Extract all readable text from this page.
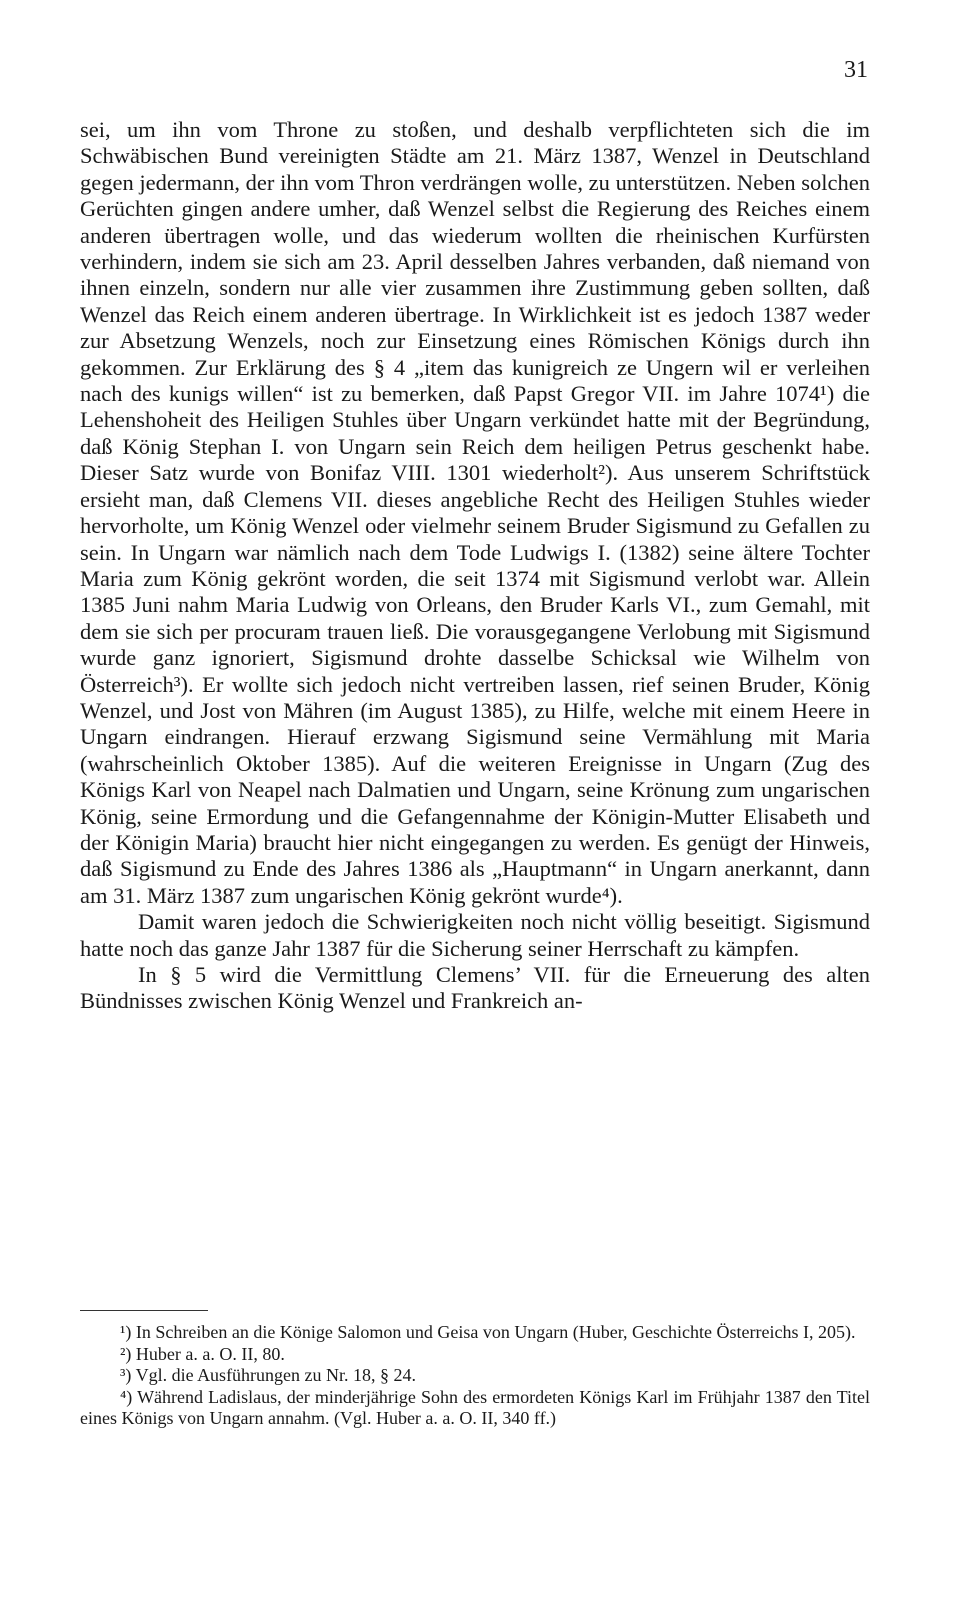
31

sei, um ihn vom Throne zu stoßen, und deshalb verpflichteten sich die im Schwäbischen Bund vereinigten Städte am 21. März 1387, Wenzel in Deutschland gegen jedermann, der ihn vom Thron verdrängen wolle, zu unterstützen. Neben solchen Gerüchten gingen andere umher, daß Wenzel selbst die Regierung des Reiches einem anderen übertragen wolle, und das wiederum wollten die rheinischen Kurfürsten verhindern, indem sie sich am 23. April desselben Jahres verbanden, daß niemand von ihnen einzeln, sondern nur alle vier zusammen ihre Zustimmung geben sollten, daß Wenzel das Reich einem anderen übertrage. In Wirklichkeit ist es jedoch 1387 weder zur Absetzung Wenzels, noch zur Einsetzung eines Römischen Königs durch ihn gekommen. Zur Erklärung des § 4 „item das kunigreich ze Ungern wil er verleihen nach des kunigs willen“ ist zu bemerken, daß Papst Gregor VII. im Jahre 1074¹) die Lehenshoheit des Heiligen Stuhles über Ungarn verkündet hatte mit der Begründung, daß König Stephan I. von Ungarn sein Reich dem heiligen Petrus geschenkt habe. Dieser Satz wurde von Bonifaz VIII. 1301 wiederholt²). Aus unserem Schriftstück ersieht man, daß Clemens VII. dieses angebliche Recht des Heiligen Stuhles wieder hervorholte, um König Wenzel oder vielmehr seinem Bruder Sigismund zu Gefallen zu sein. In Ungarn war nämlich nach dem Tode Ludwigs I. (1382) seine ältere Tochter Maria zum König gekrönt worden, die seit 1374 mit Sigismund verlobt war. Allein 1385 Juni nahm Maria Ludwig von Orleans, den Bruder Karls VI., zum Gemahl, mit dem sie sich per procuram trauen ließ. Die vorausgegangene Verlobung mit Sigismund wurde ganz ignoriert, Sigismund drohte dasselbe Schicksal wie Wilhelm von Österreich³). Er wollte sich jedoch nicht vertreiben lassen, rief seinen Bruder, König Wenzel, und Jost von Mähren (im August 1385), zu Hilfe, welche mit einem Heere in Ungarn eindrangen. Hierauf erzwang Sigismund seine Vermählung mit Maria (wahrscheinlich Oktober 1385). Auf die weiteren Ereignisse in Ungarn (Zug des Königs Karl von Neapel nach Dalmatien und Ungarn, seine Krönung zum ungarischen König, seine Ermordung und die Gefangennahme der Königin-Mutter Elisabeth und der Königin Maria) braucht hier nicht eingegangen zu werden. Es genügt der Hinweis, daß Sigismund zu Ende des Jahres 1386 als „Hauptmann“ in Ungarn anerkannt, dann am 31. März 1387 zum ungarischen König gekrönt wurde⁴).

Damit waren jedoch die Schwierigkeiten noch nicht völlig beseitigt. Sigismund hatte noch das ganze Jahr 1387 für die Sicherung seiner Herrschaft zu kämpfen.

In § 5 wird die Vermittlung Clemens’ VII. für die Erneuerung des alten Bündnisses zwischen König Wenzel und Frankreich an-

¹) In Schreiben an die Könige Salomon und Geisa von Ungarn (Huber, Geschichte Österreichs I, 205).

²) Huber a. a. O. II, 80.

³) Vgl. die Ausführungen zu Nr. 18, § 24.

⁴) Während Ladislaus, der minderjährige Sohn des ermordeten Königs Karl im Frühjahr 1387 den Titel eines Königs von Ungarn annahm. (Vgl. Huber a. a. O. II, 340 ff.)
